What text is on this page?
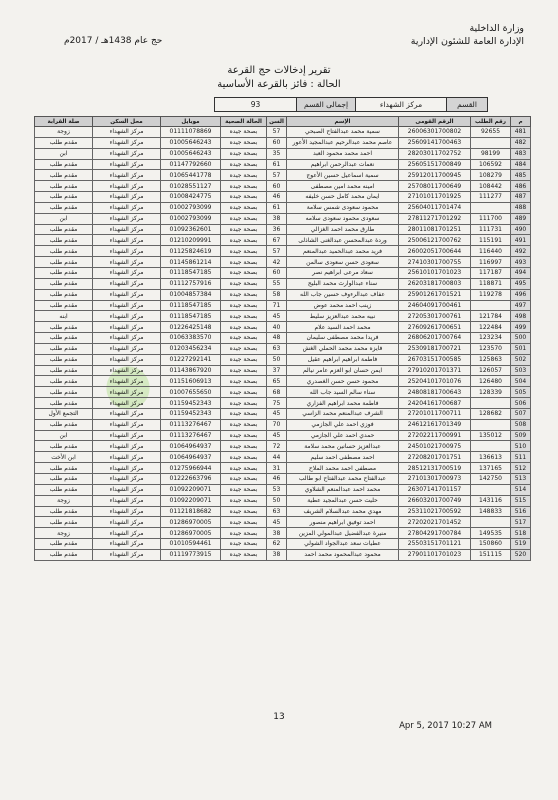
وزارة الداخلية
الإدارة العامة للشئون الإدارية
حج عام 1438هـ / 2017م
تقرير إدخالات حج القرعة
الحالة : فائز بالقرعة الأساسية
القسم
مركز الشهداء
إجمالى القسم
93
م	رقم الطلب	الرقم القومى	الإسم	السن	الحالة الصحية	موبايل	محل السكن	صلة القرابة
481	92655	26006301700802	سمية محمد عبدالفتاح الصبحي	57	بصحة جيده	01111078869	مركز الشهداء	زوجة
482		25609141700463	عاصم محمد عبدالرحيم عبدالمجيد الأعور	60	بصحة جيده	01005646243	مركز الشهداء	مقدم طلب
483	98199	28203011702752	احمد محمد محمود العبد	35	بصحة جيده	01005646243	مركز الشهداء	ابن
484	106592	25605151700849	نعمات عبدالرحمن ابراهيم	61	بصحة جيده	01147792660	مركز الشهداء	مقدم طلب
485	108279	25912011700945	سمية اسماعيل حسين الأعوج	57	بصحة جيده	01065441778	مركز الشهداء	مقدم طلب
486	108442	25708011700649	امينه محمد امين مصطفى	60	بصحة جيده	01028551127	مركز الشهداء	مقدم طلب
487	111277	27101011701925	ايمان محمد كامل حسن خليفه	46	بصحة جيده	01008424775	مركز الشهداء	مقدم طلب
488		25604011701474	محمود سعودى شمس سلامة	61	بصحة جيده	01002793099	مركز الشهداء	مقدم طلب
489	111700	27811271701292	سعودى محمود سعودى سلامه	38	بصحة جيده	01002793099	مركز الشهداء	ابن
490	111731	28011081701251	طارق محمد احمد الغزالي	36	بصحة جيده	01092362601	مركز الشهداء	مقدم طلب
491	115191	25006121700762	وردة عبدالمحسن عبدالغنى الشاذلى	67	بصحة جيده	01210209991	مركز الشهداء	مقدم طلب
492	116440	26002051700644	فريد محمد عبدالحميد عبدالمنعم	57	بصحة جيده	01125824619	مركز الشهداء	مقدم طلب
493	116997	27410301700755	سعودى حسن سعودى سالمن	42	بصحة جيده	01145861214	مركز الشهداء	مقدم طلب
494	117187	25610101701023	سعاد مرعى ابراهيم نصر	60	بصحة جيده	01118547185	مركز الشهداء	مقدم طلب
495	118871	26203181700803	سناء عبدالوارث محمد البليج	55	بصحة جيده	01112757916	مركز الشهداء	مقدم طلب
496	119278	25901261701521	عفاف عبدالرءوف حسين جاب الله	58	بصحة جيده	01004857384	مركز الشهداء	مقدم طلب
497		24604091700461	زينب احمد محمد عوض	71	بصحة جيده	01118547185	مركز الشهداء	مقدم طلب
498	121784	27205301700761	نبيه محمد عبدالعزيز سليط	45	بصحة جيده	01118547185	مركز الشهداء	ابنه
499	122484	27609261700651	محمد احمد السيد علام	40	بصحة جيده	01226425148	مركز الشهداء	مقدم طلب
500	123234	26806201700764	فريدا محمد مصطفى سليمان	48	بصحة جيده	01063383570	مركز الشهداء	مقدم طلب
501	123570	25309181700721	فايزه محمد محمد الحملي الغش	63	بصحة جيده	01203456234	مركز الشهداء	مقدم طلب
502	125863	26703151700585	فاطمة ابراهيم ابراهيم عقيل	50	بصحة جيده	01227292141	مركز الشهداء	مقدم طلب
503	126057	27910201701371	ايمن حسان ابو العزم عامر نيالم	37	بصحة جيده	01143867920	مركز الشهداء	مقدم طلب
504	126480	25204101701076	محمود حسن حسن الغصدري	65	بصحة جيده	01151606913	مركز الشهداء	مقدم طلب
505	128339	24808181700643	سناء سالم السيد جاب الله	68	بصحة جيده	01007655650	مركز الشهداء	مقدم طلب
506		24204161700687	فاطمة محمد ابراهيم الفزاري	75	بصحة جيده	01159452343	مركز الشهداء	مقدم طلب
507	128682	27201011700711	الشرف عبدالمنعم محمد الزاسي	45	بصحة جيده	01159452343	مركز الشهداء	التجمع الأول
508		24612161701349	فوزي احمد علي الجازمي	70	بصحة جيده	01113276467	مركز الشهداء	مقدم طلب
509	135012	27202211700991	حمدي احمد علي الجازمي	45	بصحة جيده	01113276467	مركز الشهداء	ابن
510		24501021700975	عبدالعزيز حسانين محمد سلامة	72	بصحة جيده	01064964937	مركز الشهداء	مقدم طلب
511	136613	27208201701751	احمد مصطفى احمد سليم	44	بصحة جيده	01064964937	مركز الشهداء	ابن الأخت
512	137165	28512131700519	مصطفى احمد محمد الملاح	31	بصحة جيده	01275966944	مركز الشهداء	مقدم طلب
513	142750	27101301700973	عبدالفتاح محمد عبدالفتاح ابو طالب	46	بصحة جيده	01222663796	مركز الشهداء	مقدم طلب
514		26307141701157	محمد احمد عبدالمنعم الشلاوي	53	بصحة جيده	01092209071	مركز الشهداء	مقدم طلب
515	143116	26603201700749	حليت حسن عبدالمجيد عطية	50	بصحة جيده	01092209071	مركز الشهداء	زوجة
516	148833	25311021700592	مهدي محمد عبدالسلام الشريف	63	بصحة جيده	01121818682	مركز الشهداء	مقدم طلب
517		27202021701452	احمد توفيق ابراهيم منصور	45	بصحة جيده	01286970005	مركز الشهداء	مقدم طلب
518	149535	27804291700784	منيرة عبدالفضيل عبدالمولي المزين	38	بصحة جيده	01286970005	مركز الشهداء	زوجة
519	150860	25503151701121	عطيات سعد عبدالجواد الشولي	62	بصحة جيده	01010594461	مركز الشهداء	مقدم طلب
520	151115	27901101701023	محمود عبدالمحمود محمد احمد	38	بصحة جيده	01119773915	مركز الشهداء	مقدم طلب
13
Apr 5, 2017 10:27 AM
